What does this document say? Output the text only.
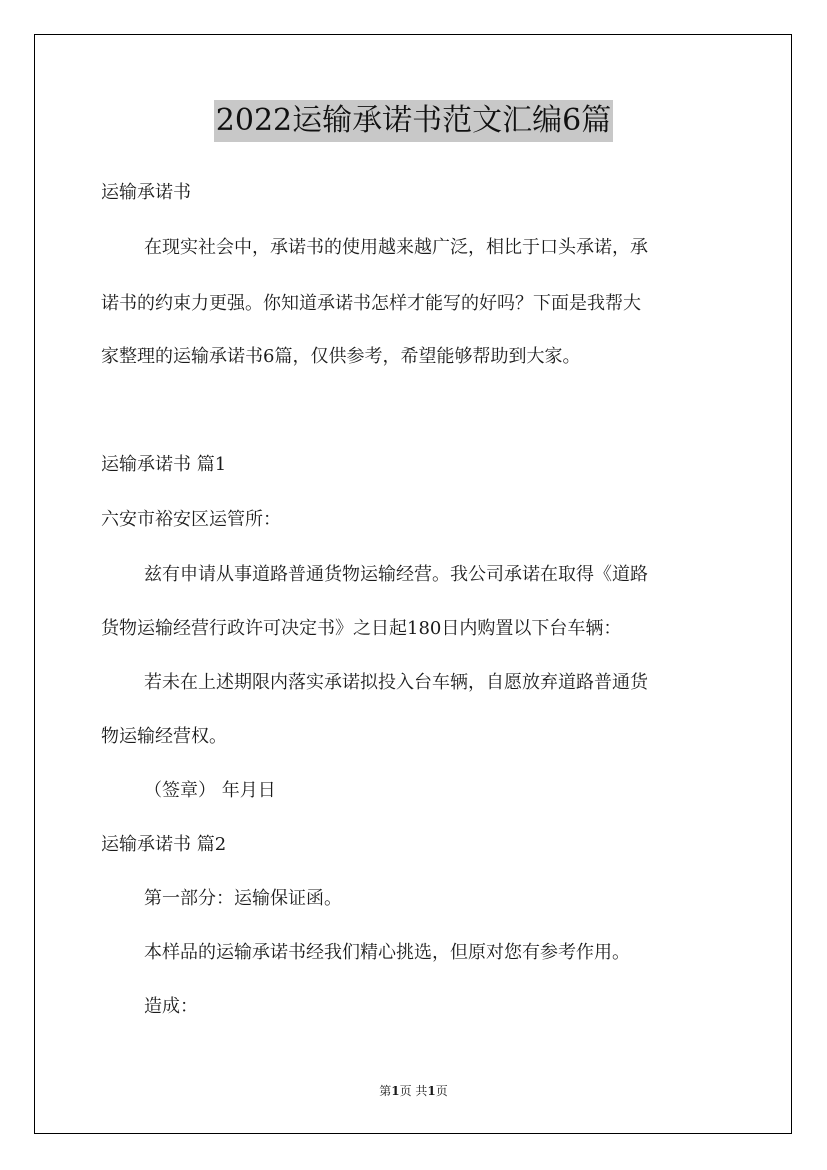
2022运输承诺书范文汇编6篇
运输承诺书
在现实社会中，承诺书的使用越来越广泛，相比于口头承诺，承
诺书的约束力更强。你知道承诺书怎样才能写的好吗？下面是我帮大
家整理的运输承诺书6篇，仅供参考，希望能够帮助到大家。
运输承诺书 篇1
六安市裕安区运管所：
兹有申请从事道路普通货物运输经营。我公司承诺在取得《道路
货物运输经营行政许可决定书》之日起180日内购置以下台车辆：
若未在上述期限内落实承诺拟投入台车辆，自愿放弃道路普通货
物运输经营权。
（签章） 年月日
运输承诺书 篇2
第一部分：运输保证函。
本样品的运输承诺书经我们精心挑选，但原对您有参考作用。
造成：
第1页 共1页
